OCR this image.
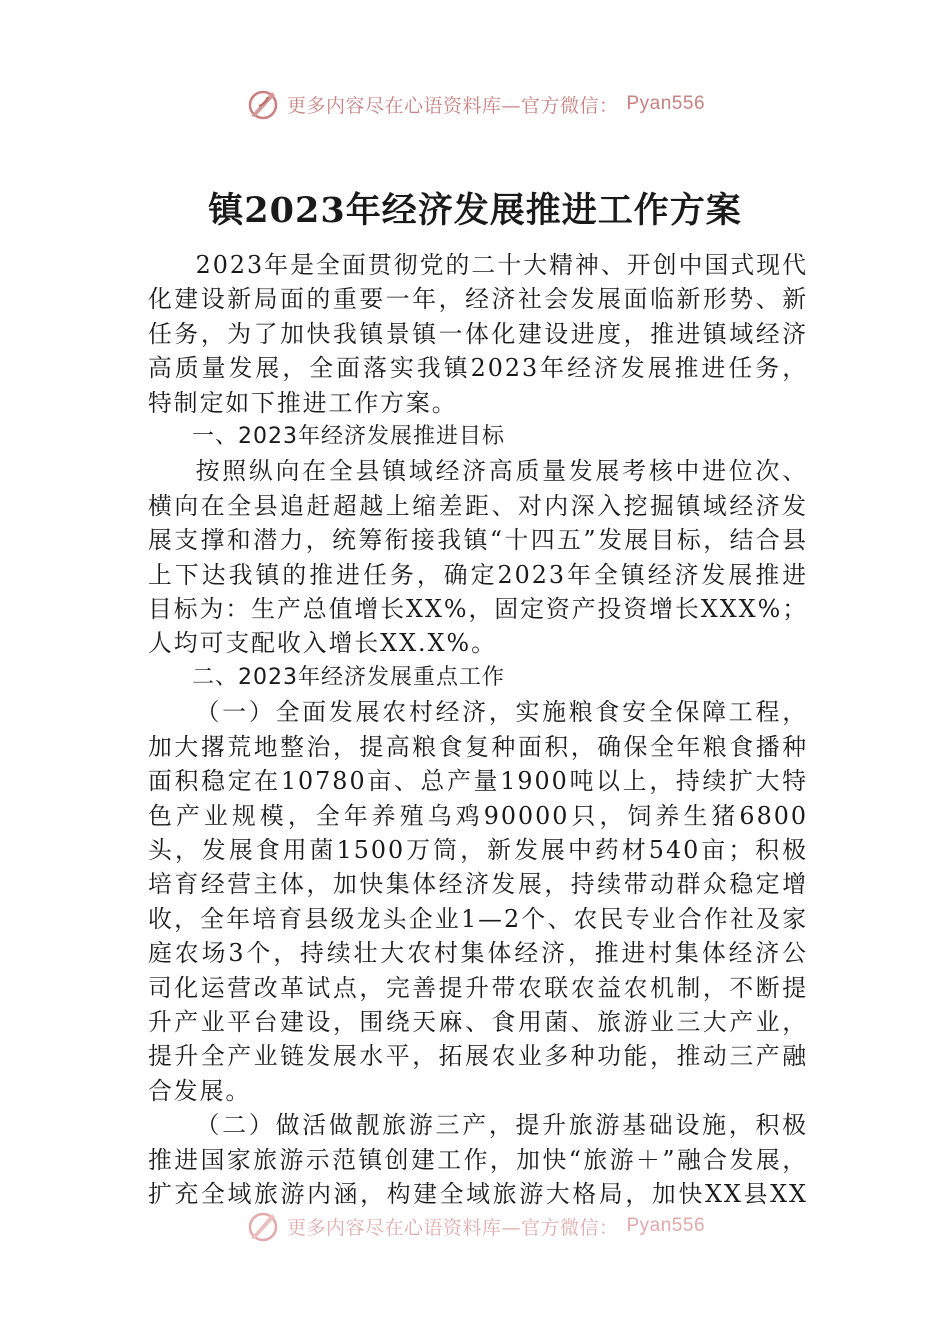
更多内容尽在心语资料库—官方微信： Pyan556
镇2023年经济发展推进工作方案

2023年是全面贯彻党的二十大精神、开创中国式现代化建设新局面的重要一年，经济社会发展面临新形势、新任务，为了加快我镇景镇一体化建设进度，推进镇域经济高质量发展，全面落实我镇2023年经济发展推进任务，特制定如下推进工作方案。

一、2023年经济发展推进目标

按照纵向在全县镇域经济高质量发展考核中进位次、横向在全县追赶超越上缩差距、对内深入挖掘镇域经济发展支撑和潜力，统筹衔接我镇“十四五”发展目标，结合县上下达我镇的推进任务，确定2023年全镇经济发展推进目标为：生产总值增长XX%，固定资产投资增长XXX%；人均可支配收入增长XX.X%。

二、2023年经济发展重点工作

（一）全面发展农村经济，实施粮食安全保障工程，加大撂荒地整治，提高粮食复种面积，确保全年粮食播种面积稳定在10780亩、总产量1900吨以上，持续扩大特色产业规模，全年养殖乌鸡90000只，饲养生猪6800头，发展食用菌1500万筒，新发展中药材540亩；积极培育经营主体，加快集体经济发展，持续带动群众稳定增收，全年培育县级龙头企业1—2个、农民专业合作社及家庭农场3个，持续壮大农村集体经济，推进村集体经济公司化运营改革试点，完善提升带农联农益农机制，不断提升产业平台建设，围绕天麻、食用菌、旅游业三大产业，提升全产业链发展水平，拓展农业多种功能，推动三产融合发展。

（二）做活做靓旅游三产，提升旅游基础设施，积极推进国家旅游示范镇创建工作，加快“旅游＋”融合发展，扩充全域旅游内涵，构建全域旅游大格局，加快XX县XX

更多内容尽在心语资料库—官方微信： Pyan556
